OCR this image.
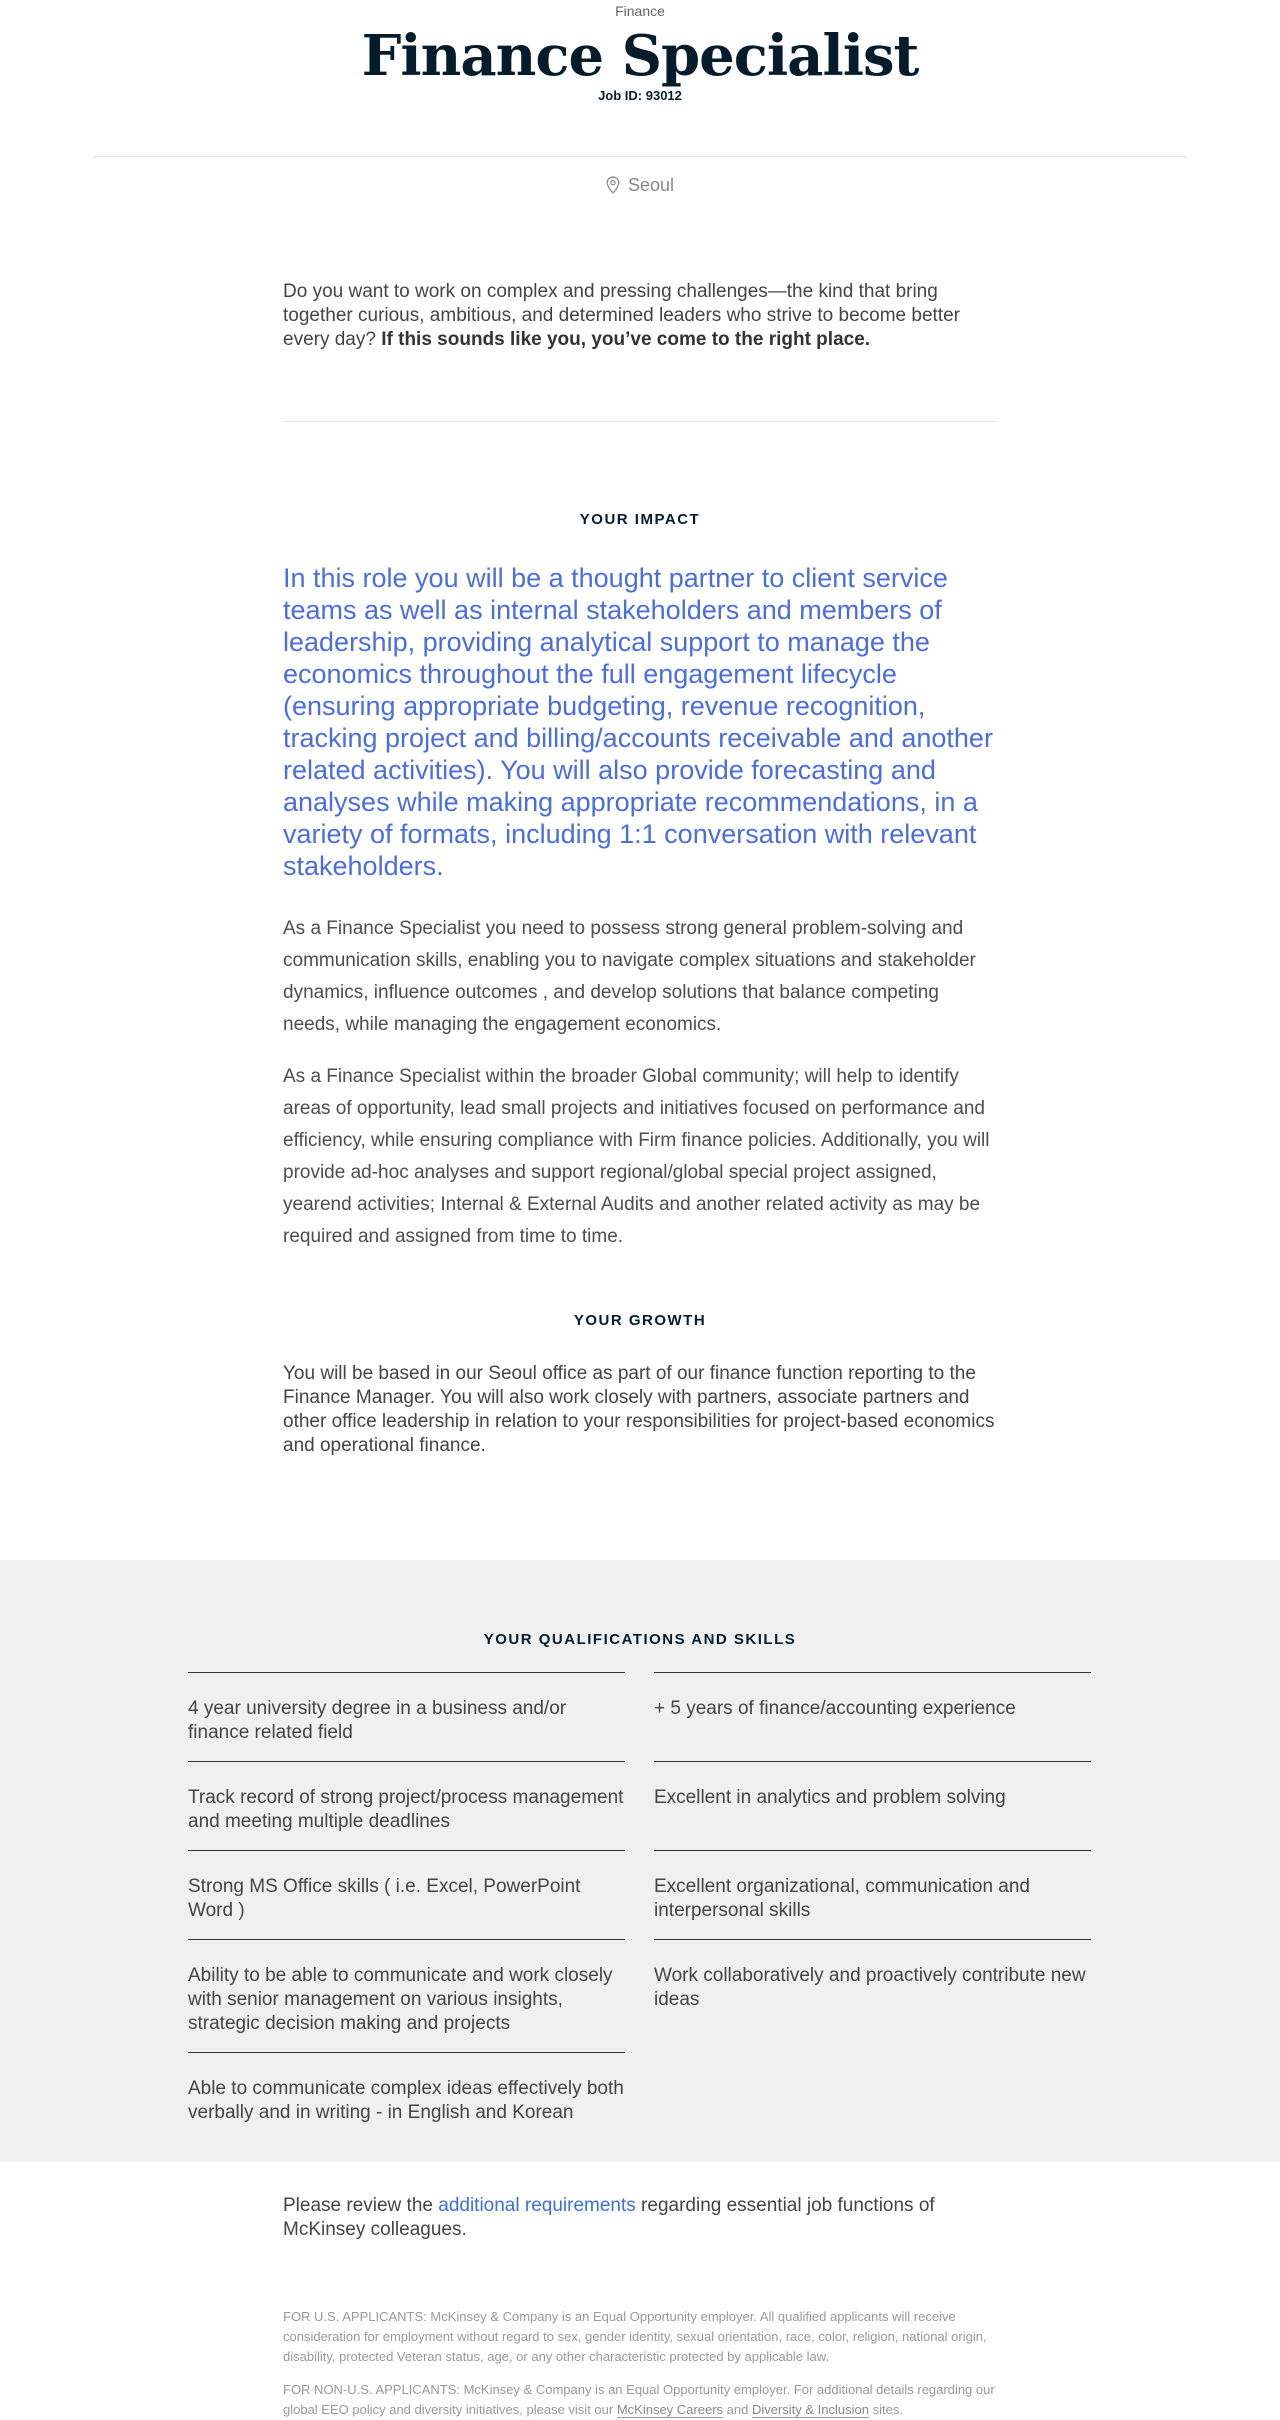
Finance
Finance Specialist
Job ID: 93012
Seoul
Do you want to work on complex and pressing challenges—the kind that bring together curious, ambitious, and determined leaders who strive to become better every day? If this sounds like you, you’ve come to the right place.
YOUR IMPACT
In this role you will be a thought partner to client service teams as well as internal stakeholders and members of leadership, providing analytical support to manage the economics throughout the full engagement lifecycle (ensuring appropriate budgeting, revenue recognition, tracking project and billing/accounts receivable and another related activities). You will also provide forecasting and analyses while making appropriate recommendations, in a variety of formats, including 1:1 conversation with relevant stakeholders.
As a Finance Specialist you need to possess strong general problem-solving and communication skills, enabling you to navigate complex situations and stakeholder dynamics, influence outcomes , and develop solutions that balance competing needs, while managing the engagement economics.
As a Finance Specialist within the broader Global community; will help to identify areas of opportunity, lead small projects and initiatives focused on performance and efficiency, while ensuring compliance with Firm finance policies. Additionally, you will provide ad-hoc analyses and support regional/global special project assigned, yearend activities; Internal & External Audits and another related activity as may be required and assigned from time to time.
YOUR GROWTH
You will be based in our Seoul office as part of our finance function reporting to the Finance Manager. You will also work closely with partners, associate partners and other office leadership in relation to your responsibilities for project-based economics and operational finance.
YOUR QUALIFICATIONS AND SKILLS
4 year university degree in a business and/or finance related field
+ 5 years of finance/accounting experience
Track record of strong project/process management and meeting multiple deadlines
Excellent in analytics and problem solving
Strong MS Office skills ( i.e. Excel, PowerPoint Word )
Excellent organizational, communication and interpersonal skills
Ability to be able to communicate and work closely with senior management on various insights, strategic decision making and projects
Work collaboratively and proactively contribute new ideas
Able to communicate complex ideas effectively both verbally and in writing - in English and Korean
Please review the additional requirements regarding essential job functions of McKinsey colleagues.
FOR U.S. APPLICANTS: McKinsey & Company is an Equal Opportunity employer. All qualified applicants will receive consideration for employment without regard to sex, gender identity, sexual orientation, race, color, religion, national origin, disability, protected Veteran status, age, or any other characteristic protected by applicable law.
FOR NON-U.S. APPLICANTS: McKinsey & Company is an Equal Opportunity employer. For additional details regarding our global EEO policy and diversity initiatives, please visit our McKinsey Careers and Diversity & Inclusion sites.
